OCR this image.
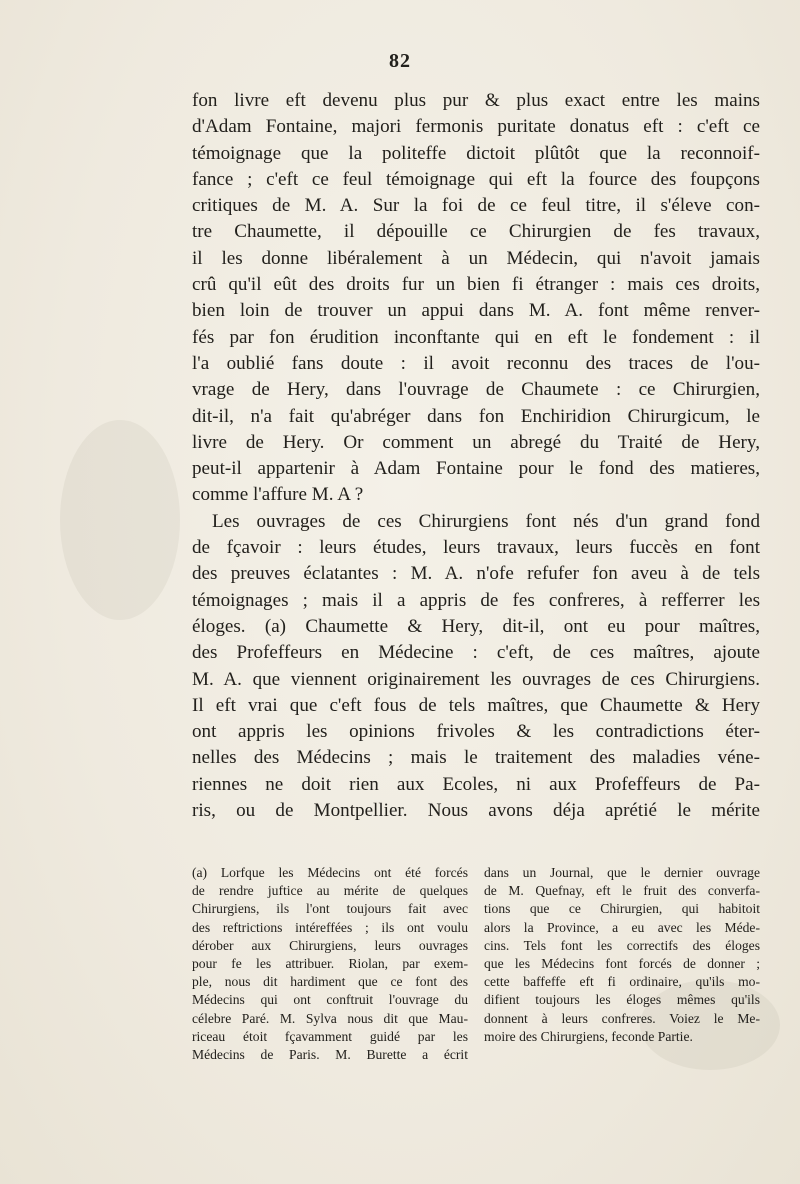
82
fon livre eft devenu plus pur & plus exact entre les mains
d'Adam Fontaine, majori fermonis puritate donatus eft : c'eft ce
témoignage que la politeffe dictoit plûtôt que la reconnoif-
fance ; c'eft ce feul témoignage qui eft la fource des foupçons
critiques de M. A. Sur la foi de ce feul titre, il s'éleve con-
tre Chaumette, il dépouille ce Chirurgien de fes travaux,
il les donne libéralement à un Médecin, qui n'avoit jamais
crû qu'il eût des droits fur un bien fi étranger : mais ces droits,
bien loin de trouver un appui dans M. A. font même renver-
fés par fon érudition inconftante qui en eft le fondement : il
l'a oublié fans doute : il avoit reconnu des traces de l'ou-
vrage de Hery, dans l'ouvrage de Chaumete : ce Chirurgien,
dit-il, n'a fait qu'abréger dans fon Enchiridion Chirurgicum, le
livre de Hery. Or comment un abregé du Traité de Hery,
peut-il appartenir à Adam Fontaine pour le fond des matieres,
comme l'affure M. A ?
Les ouvrages de ces Chirurgiens font nés d'un grand fond
de fçavoir : leurs études, leurs travaux, leurs fuccès en font
des preuves éclatantes : M. A. n'ofe refufer fon aveu à de tels
témoignages ; mais il a appris de fes confreres, à refferrer les
éloges. (a) Chaumette & Hery, dit-il, ont eu pour maîtres,
des Profeffeurs en Médecine : c'eft, de ces maîtres, ajoute
M. A. que viennent originairement les ouvrages de ces Chirurgiens.
Il eft vrai que c'eft fous de tels maîtres, que Chaumette & Hery
ont appris les opinions frivoles & les contradictions éter-
nelles des Médecins ; mais le traitement des maladies véne-
riennes ne doit rien aux Ecoles, ni aux Profeffeurs de Pa-
ris, ou de Montpellier. Nous avons déja aprétié le mérite
(a) Lorfque les Médecins ont été forcés
de rendre juftice au mérite de quelques
Chirurgiens, ils l'ont toujours fait avec
des reftrictions intéreffées ; ils ont voulu
dérober aux Chirurgiens, leurs ouvrages
pour fe les attribuer. Riolan, par exem-
ple, nous dit hardiment que ce font des
Médecins qui ont conftruit l'ouvrage du
célebre Paré. M. Sylva nous dit que Mau-
riceau étoit fçavamment guidé par les
Médecins de Paris. M. Burette a écrit
dans un Journal, que le dernier ouvrage
de M. Quefnay, eft le fruit des converfa-
tions que ce Chirurgien, qui habitoit
alors la Province, a eu avec les Méde-
cins. Tels font les correctifs des éloges
que les Médecins font forcés de donner ;
cette baffeffe eft fi ordinaire, qu'ils mo-
difient toujours les éloges mêmes qu'ils
donnent à leurs confreres. Voiez le Me-
moire des Chirurgiens, feconde Partie.
